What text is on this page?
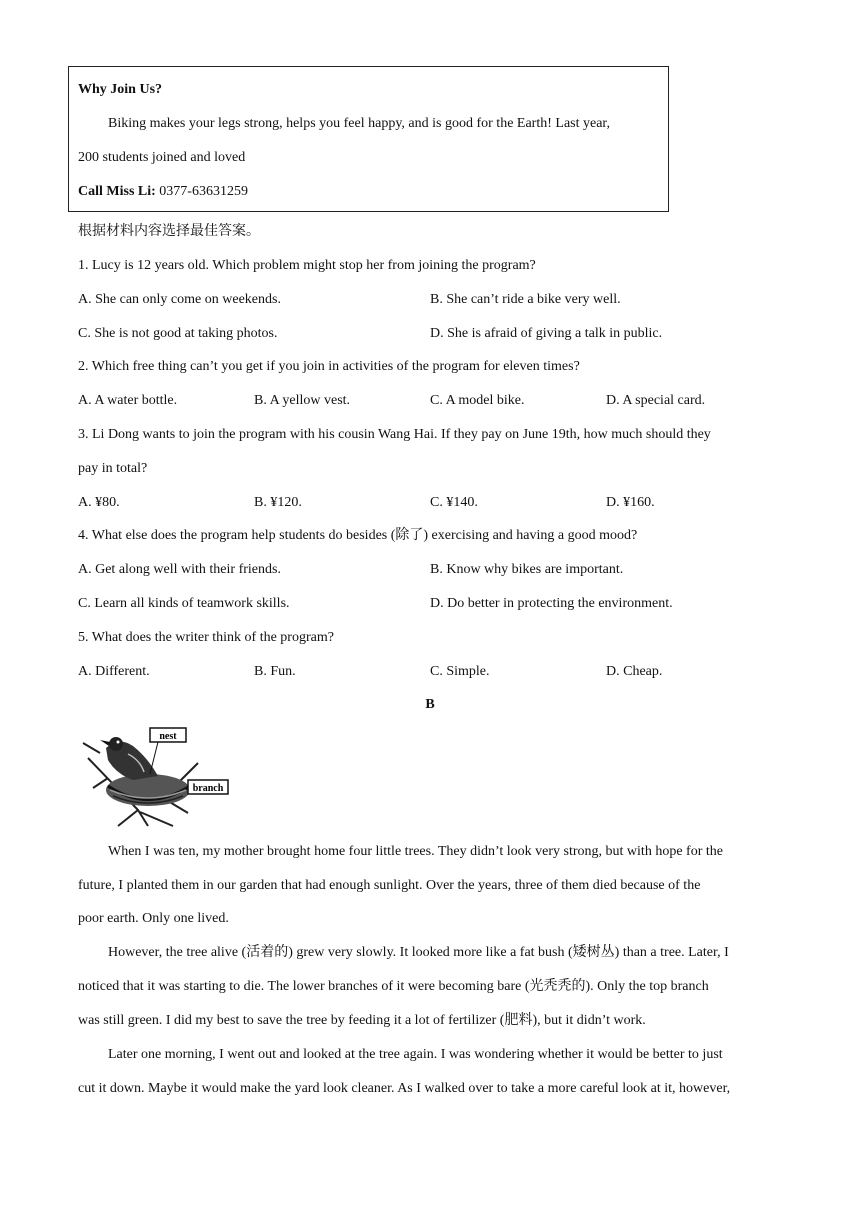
Why Join Us?
Biking makes your legs strong, helps you feel happy, and is good for the Earth! Last year,
200 students joined and loved
Call Miss Li: 0377-63631259
根据材料内容选择最佳答案。
1. Lucy is 12 years old. Which problem might stop her from joining the program?
A. She can only come on weekends.	B. She can’t ride a bike very well.
C. She is not good at taking photos.	D. She is afraid of giving a talk in public.
2. Which free thing can’t you get if you join in activities of the program for eleven times?
A. A water bottle.	B. A yellow vest.	C. A model bike.	D. A special card.
3. Li Dong wants to join the program with his cousin Wang Hai. If they pay on June 19th, how much should they
pay in total?
A. ¥80.	B. ¥120.	C. ¥140.	D. ¥160.
4. What else does the program help students do besides (除了) exercising and having a good mood?
A. Get along well with their friends.	B. Know why bikes are important.
C. Learn all kinds of teamwork skills.	D. Do better in protecting the environment.
5. What does the writer think of the program?
A. Different.	B. Fun.	C. Simple.	D. Cheap.
B
nest
branch
When I was ten, my mother brought home four little trees. They didn’t look very strong, but with hope for the
future, I planted them in our garden that had enough sunlight. Over the years, three of them died because of the
poor earth. Only one lived.
However, the tree alive (活着的) grew very slowly. It looked more like a fat bush (矮树丛) than a tree. Later, I
noticed that it was starting to die. The lower branches of it were becoming bare (光秃秃的). Only the top branch
was still green. I did my best to save the tree by feeding it a lot of fertilizer (肥料), but it didn’t work.
Later one morning, I went out and looked at the tree again. I was wondering whether it would be better to just
cut it down. Maybe it would make the yard look cleaner. As I walked over to take a more careful look at it, however,
